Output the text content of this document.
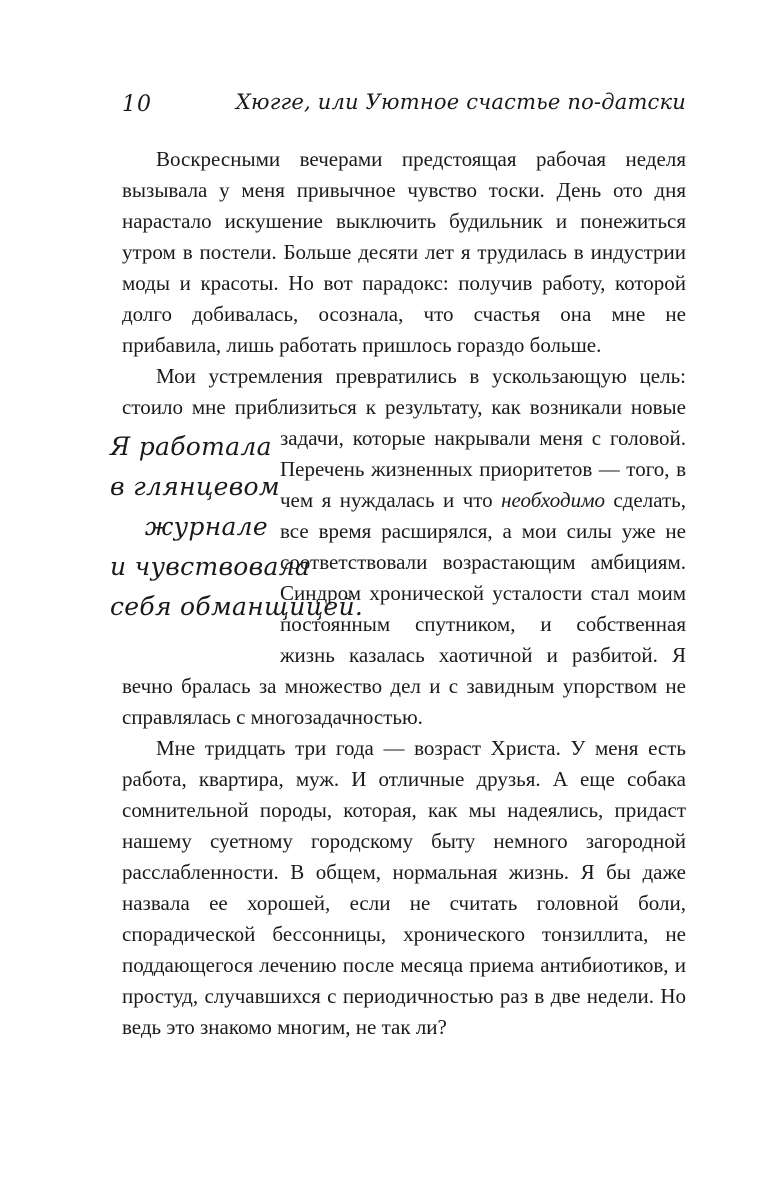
10	Хюгге, или Уютное счастье по-датски

Воскресными вечерами предстоящая рабочая неделя вызывала у меня привычное чувство тоски. День ото дня нарастало искушение выключить будильник и понежиться утром в постели. Больше десяти лет я трудилась в индустрии моды и красоты. Но вот парадокс: получив работу, которой долго добивалась, осознала, что счастья она мне не прибавила, лишь работать пришлось гораздо больше.

Мои устремления превратились в ускользающую цель: стоило мне приблизиться к результату, как возникали
Я работала
в глянцевом
журнале
и чувствовала
себя обманщицей.
новые задачи, которые накрывали меня с головой. Перечень жизненных приоритетов — того, в чем я нуждалась и что необходимо сделать, все время расширялся, а мои силы уже не соответствовали возрастающим амбициям. Синдром хронической усталости стал моим постоянным спутником, и собственная жизнь казалась хаотичной и разбитой. Я вечно бралась за множество дел и с завидным упорством не справлялась с многозадачностью.

Мне тридцать три года — возраст Христа. У меня есть работа, квартира, муж. И отличные друзья. А еще собака сомнительной породы, которая, как мы надеялись, придаст нашему суетному городскому быту немного загородной расслабленности. В общем, нормальная жизнь. Я бы даже назвала ее хорошей, если не считать головной боли, спорадической бессонницы, хронического тонзиллита, не поддающегося лечению после месяца приема антибиотиков, и простуд, случавшихся с периодичностью раз в две недели. Но ведь это знакомо многим, не так ли?
